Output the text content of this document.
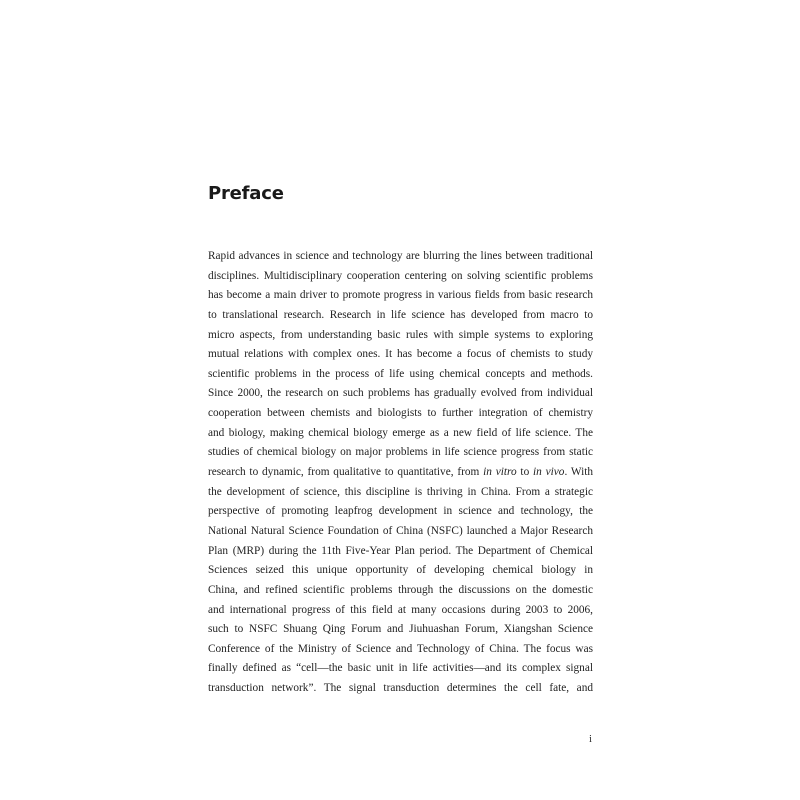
Preface
Rapid advances in science and technology are blurring the lines between traditional
disciplines. Multidisciplinary cooperation centering on solving scientific problems
has become a main driver to promote progress in various fields from basic research
to translational research. Research in life science has developed from macro to
micro aspects, from understanding basic rules with simple systems to exploring
mutual relations with complex ones. It has become a focus of chemists to study
scientific problems in the process of life using chemical concepts and methods.
Since 2000, the research on such problems has gradually evolved from individual
cooperation between chemists and biologists to further integration of chemistry
and biology, making chemical biology emerge as a new field of life science. The
studies of chemical biology on major problems in life science progress from static
research to dynamic, from qualitative to quantitative, from in vitro to in vivo. With
the development of science, this discipline is thriving in China. From a strategic
perspective of promoting leapfrog development in science and technology, the
National Natural Science Foundation of China (NSFC) launched a Major Research
Plan (MRP) during the 11th Five-Year Plan period. The Department of Chemical
Sciences seized this unique opportunity of developing chemical biology in
China, and refined scientific problems through the discussions on the domestic
and international progress of this field at many occasions during 2003 to 2006,
such to NSFC Shuang Qing Forum and Jiuhuashan Forum, Xiangshan Science
Conference of the Ministry of Science and Technology of China. The focus was
finally defined as “cell—the basic unit in life activities—and its complex signal
transduction network”. The signal transduction determines the cell fate, and
i
